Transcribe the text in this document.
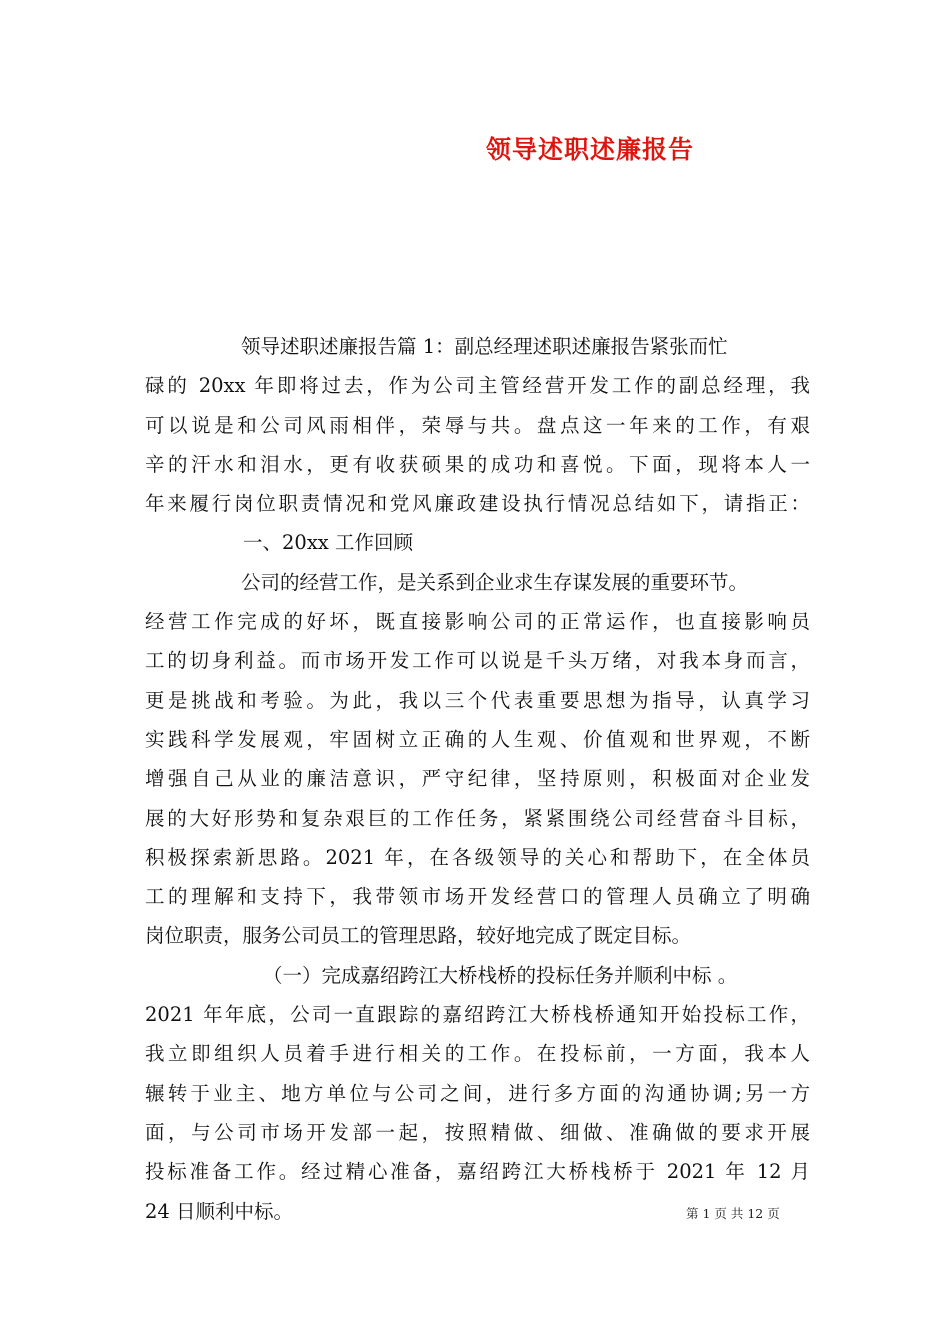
领导述职述廉报告
领导述职述廉报告篇 1：副总经理述职述廉报告紧张而忙
碌的 20xx 年即将过去，作为公司主管经营开发工作的副总经理，我
可以说是和公司风雨相伴，荣辱与共。盘点这一年来的工作，有艰
辛的汗水和泪水，更有收获硕果的成功和喜悦。下面，现将本人一
年来履行岗位职责情况和党风廉政建设执行情况总结如下，请指正：
一、20xx 工作回顾
公司的经营工作，是关系到企业求生存谋发展的重要环节。
经营工作完成的好坏，既直接影响公司的正常运作，也直接影响员
工的切身利益。而市场开发工作可以说是千头万绪，对我本身而言，
更是挑战和考验。为此，我以三个代表重要思想为指导，认真学习
实践科学发展观，牢固树立正确的人生观、价值观和世界观，不断
增强自己从业的廉洁意识，严守纪律，坚持原则，积极面对企业发
展的大好形势和复杂艰巨的工作任务，紧紧围绕公司经营奋斗目标，
积极探索新思路。2021 年，在各级领导的关心和帮助下，在全体员
工的理解和支持下，我带领市场开发经营口的管理人员确立了明确
岗位职责，服务公司员工的管理思路，较好地完成了既定目标。
（一）完成嘉绍跨江大桥栈桥的投标任务并顺利中标 。
2021 年年底，公司一直跟踪的嘉绍跨江大桥栈桥通知开始投标工作，
我立即组织人员着手进行相关的工作。在投标前，一方面，我本人
辗转于业主、地方单位与公司之间，进行多方面的沟通协调;另一方
面，与公司市场开发部一起，按照精做、细做、准确做的要求开展
投标准备工作。经过精心准备，嘉绍跨江大桥栈桥于 2021 年 12 月
24 日顺利中标。	第 1 页 共 12 页
